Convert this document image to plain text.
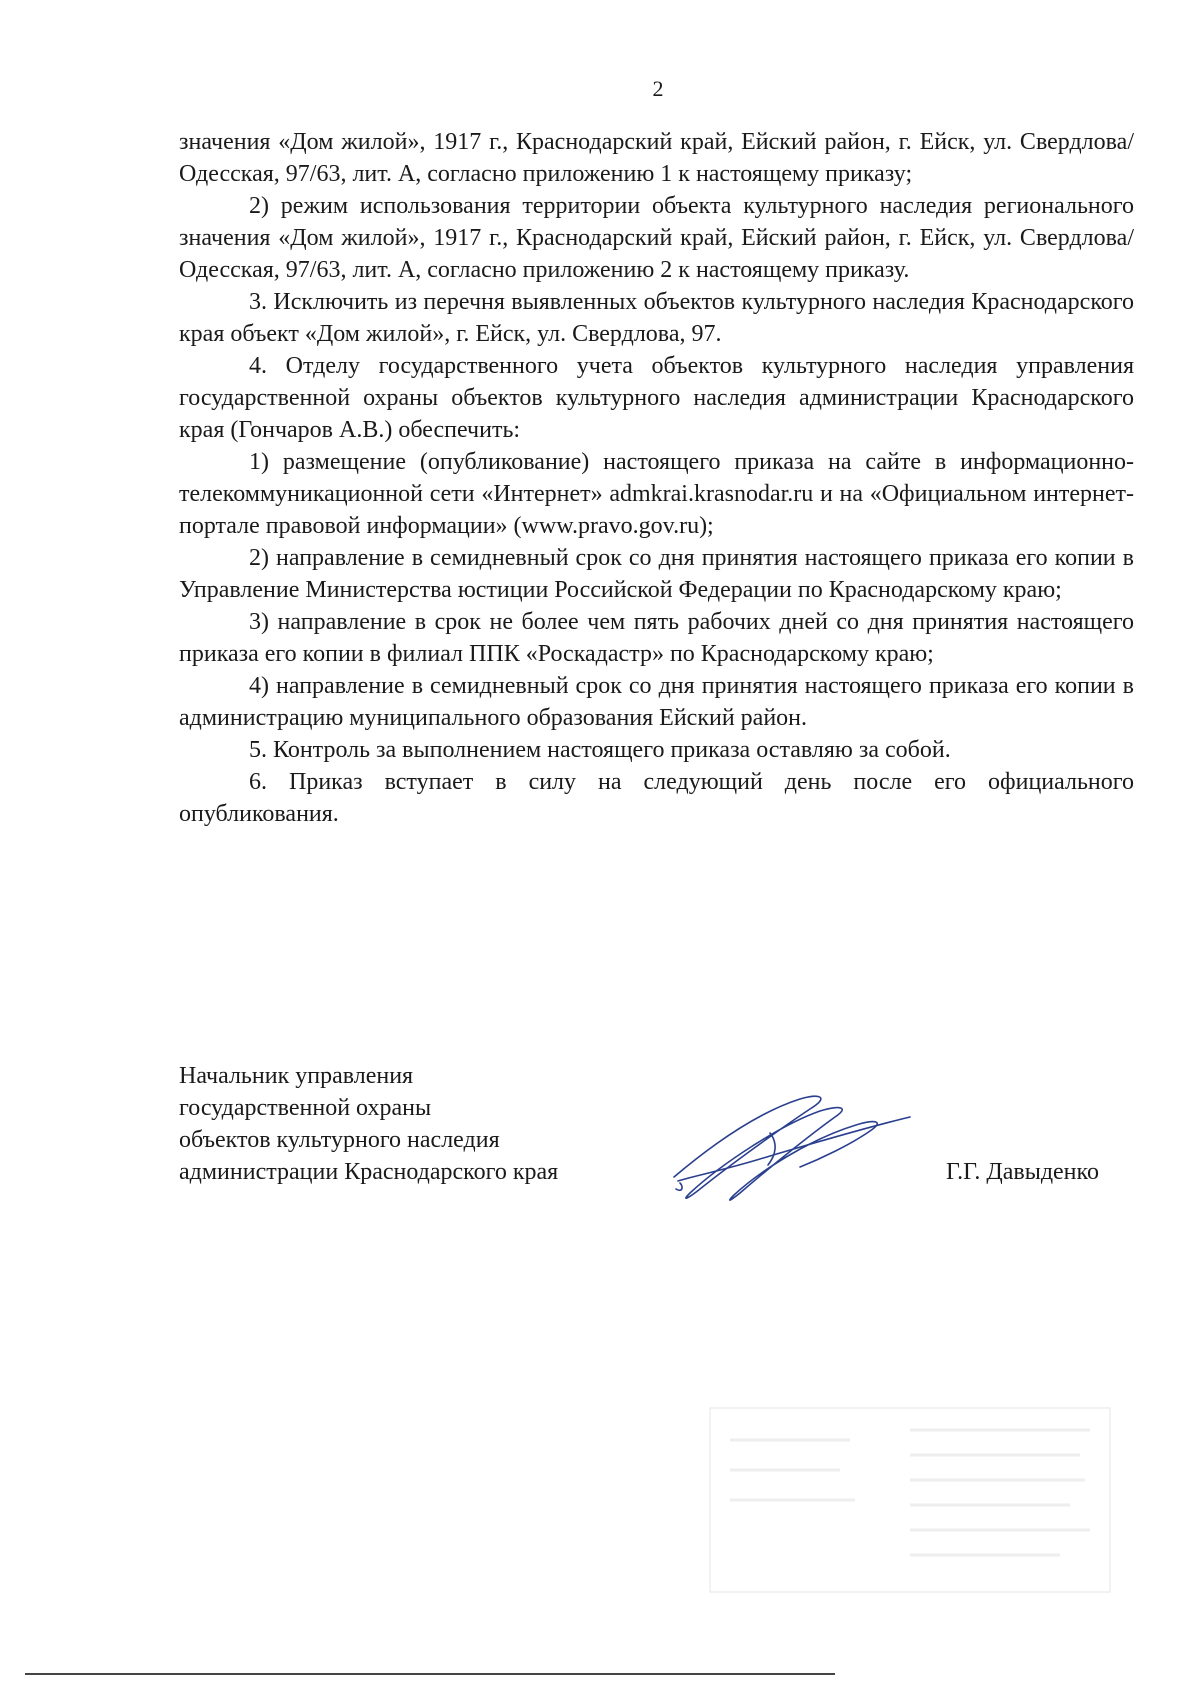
2

значения «Дом жилой», 1917 г., Краснодарский край, Ейский район, г. Ейск, ул. Свердлова/Одесская, 97/63, лит. А, согласно приложению 1 к настоящему приказу;

2) режим использования территории объекта культурного наследия регионального значения «Дом жилой», 1917 г., Краснодарский край, Ейский район, г. Ейск, ул. Свердлова/Одесская, 97/63, лит. А, согласно приложению 2 к настоящему приказу.

3. Исключить из перечня выявленных объектов культурного наследия Краснодарского края объект «Дом жилой», г. Ейск, ул. Свердлова, 97.

4. Отделу государственного учета объектов культурного наследия управления государственной охраны объектов культурного наследия администрации Краснодарского края (Гончаров А.В.) обеспечить:

1) размещение (опубликование) настоящего приказа на сайте в информационно-телекоммуникационной сети «Интернет» admkrai.krasnodar.ru и на «Официальном интернет-портале правовой информации» (www.pravo.gov.ru);

2) направление в семидневный срок со дня принятия настоящего приказа его копии в Управление Министерства юстиции Российской Федерации по Краснодарскому краю;

3) направление в срок не более чем пять рабочих дней со дня принятия настоящего приказа его копии в филиал ППК «Роскадастр» по Краснодарскому краю;

4) направление в семидневный срок со дня принятия настоящего приказа его копии в администрацию муниципального образования Ейский район.

5. Контроль за выполнением настоящего приказа оставляю за собой.

6. Приказ вступает в силу на следующий день после его официального опубликования.

Начальник управления
государственной охраны
объектов культурного наследия
администрации Краснодарского края	Г.Г. Давыденко
